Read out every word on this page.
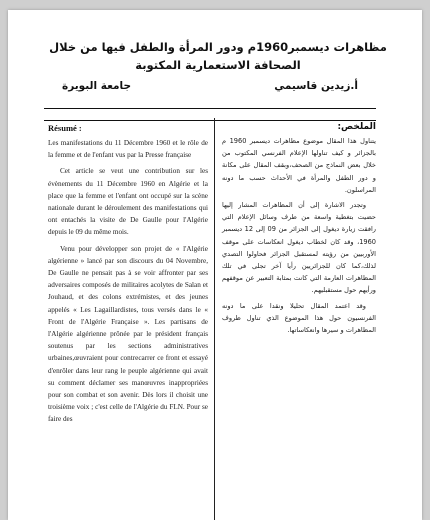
مظاهرات ديسمبر1960م ودور المرأة والطفل فيها من خلال الصحافة الاستعمارية المكتوبة
أ.زيدين قاسيمي
جامعة البويرة
Résumé :

Les manifestations du 11 Décembre 1960 et le rôle de la femme et de l'enfant vus par la Presse française

Cet article se veut une contribution sur les évènements du 11 Décembre 1960 en Algérie et la place que la femme et l'enfant ont occupé sur la scène nationale durant le déroulement des manifestations qui ont entachés la visite de De Gaulle pour l'Algérie depuis le 09 du même mois.

Venu pour développer son projet de « l'Algérie algérienne » lancé par son discours du 04 Novembre, De Gaulle ne pensait pas à se voir affronter par ses adversaires composés de militaires acolytes de Salan et Jouhaud, et des colons extrémistes, et des jeunes appelés « Les Lagaillardistes, tous versés dans le « Front de l'Algérie Française ». Les partisans de l'Algérie algérienne prônée par le président français soutenus par les sections administratives urbaines,œuvraient pour contrecarrer ce front et essayé d'enrôler dans leur rang le peuple algérienne qui avait su comment déclamer ses manœuvres inappropriées pour son combat et son avenir. Dès lors il choisit une troisième voix ; c'est celle de l'Algérie du FLN. Pour se faire des

الملخص:

يتناول هذا المقال موضوع مظاهرات ديسمبر 1960 م بالجزائر و كيف تناولها الإعلام الفرنسي المكتوب من خلال بعض النماذج من الصحف،وبقف المقال على مكانة و دور الطفل والمرأة في الأحداث حسب ما دونه المراسلون.

وتجدر الاشارة إلى أن المظاهرات المشار إليها حضيت بتغطية واسعة من طرف وسائل الإعلام التي رافقت زيارة ديغول إلى الجزائر من 09 إلى 12 ديسمبر 1960، وقد كان لخطاب ديغول انعكاسات على موقف الأوربيين من رؤيته لمستقبل الجزائر فحاولوا التصدي لذلك،كما كان للجزائريين رأيا آخر تجلى في تلك المظاهرات العارمة التي كانت بمثابة التعبير عن موقفهم ورأيهم حول مستقبليهم.

وقد اعتمد المقال تحليلا ونقدا على ما دونه الفرنسيون حول هذا الموضوع الذي تناول ظروف المظاهرات و سيرها وانعكاساتها.
